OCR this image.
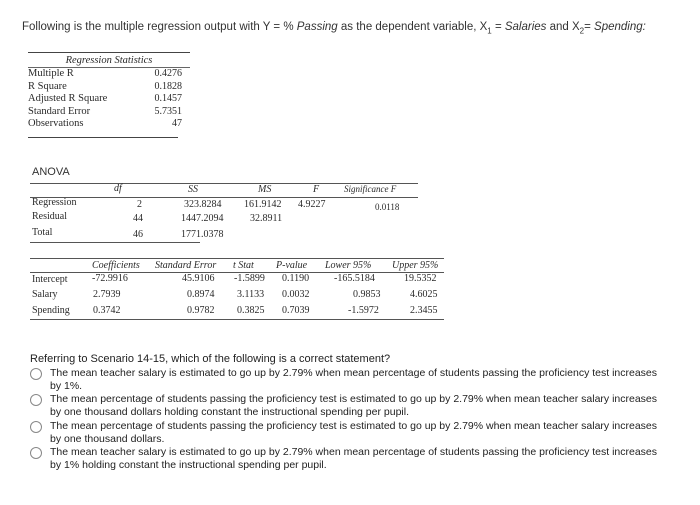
Following is the multiple regression output with Y = % Passing as the dependent variable, $X_1$ = Salaries and $X_2=$ Spending:
Regression Statistics
Multiple R	0.4276
R Square	0.1828
Adjusted R Square	0.1457
Standard Error	5.7351
Observations	47
ANOVA
df	SS	MS	F	Significance F
Regression	2	323.8284 161.9142 4.9227	0.0118
Residual	44	1447.2094	32.8911
Total	46	1771.0378
Coefficients Standard Error t Stat P-value Lower 95% Upper 95%
Intercept -72.9916	45.9106 -1.5899 0.1190 -165.5184	19.5352
Salary	2.7939	0.8974 3.1133 0.0032	0.9853	4.6025
Spending 0.3742	0.9782 0.3825 0.7039	-1.5972	2.3455
Referring to Scenario 14-15, which of the following is a correct statement?
The mean teacher salary is estimated to go up by 2.79% when mean percentage of students passing the proficiency test increases
by 1%.
The mean percentage of students passing the proficiency test is estimated to go up by 2.79% when mean teacher salary increases
by one thousand dollars holding constant the instructional spending per pupil.
The mean percentage of students passing the proficiency test is estimated to go up by 2.79% when mean teacher salary increases
by one thousand dollars.
The mean teacher salary is estimated to go up by 2.79% when mean percentage of students passing the proficiency test increases
by 1% holding constant the instructional spending per pupil.
